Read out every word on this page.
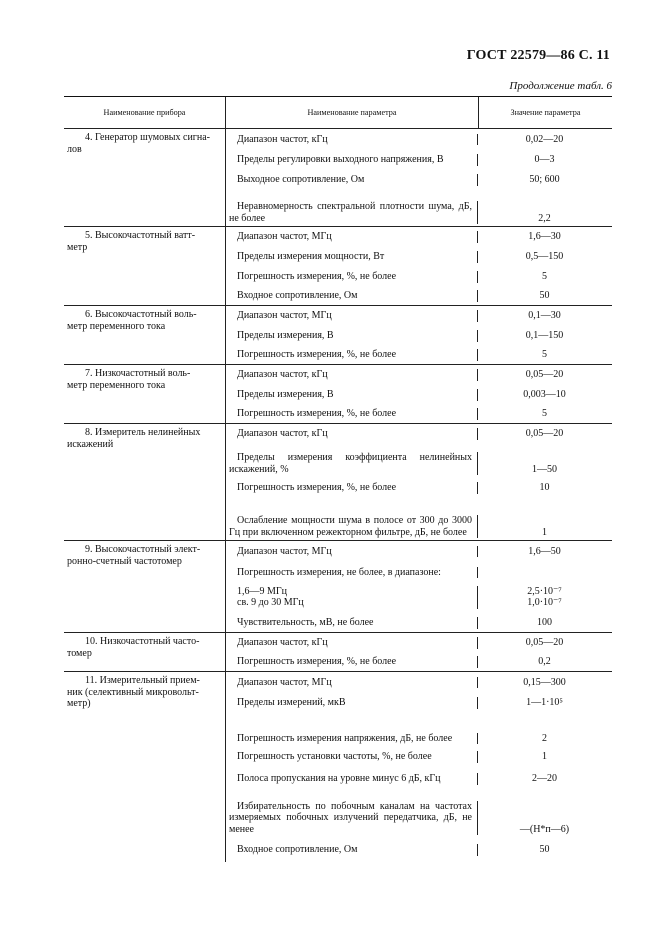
ГОСТ 22579—86 С. 11
Продолжение табл. 6
Наименование прибора	Наименование параметра	Значение параметра
4. Генератор шумовых сигна-
лов
Диапазон частот, кГц	0,02—20
Пределы регулировки выходного напряжения, В	0—3
Выходное сопротивление, Ом	50; 600
Неравномерность спектральной плотности шума, дБ, не более	2,2
5. Высокочастотный ватт-
метр
Диапазон частот, МГц	1,6—30
Пределы измерения мощности, Вт	0,5—150
Погрешность измерения, %, не более	5
Входное сопротивление, Ом	50
6. Высокочастотный воль-
метр переменного тока
Диапазон частот, МГц	0,1—30
Пределы измерения, В	0,1—150
Погрешность измерения, %, не более	5
7. Низкочастотный воль-
метр переменного тока
Диапазон частот, кГц	0,05—20
Пределы измерения, В	0,003—10
Погрешность измерения, %, не более	5
8. Измеритель нелинейных
искажений
Диапазон частот, кГц	0,05—20
Пределы измерения коэффициента нелинейных искажений, %	1—50
Погрешность измерения, %, не более	10
Ослабление мощности шума в полосе от 300 до 3000 Гц при включенном режекторном фильтре, дБ, не более	1
9. Высокочастотный элект-
ронно-счетный частотомер
Диапазон частот, МГц	1,6—50
Погрешность измерения, не более, в диапазоне:
1,6—9 МГц	2,5·10⁻⁷
св. 9 до 30 МГц	1,0·10⁻⁷
Чувствительность, мВ, не более	100
10. Низкочастотный часто-
томер
Диапазон частот, кГц	0,05—20
Погрешность измерения, %, не более	0,2
11. Измерительный прием-
ник (селективный микровольт-
метр)
Диапазон частот, МГц	0,15—300
Пределы измерений, мкВ	1—1·10⁵
Погрешность измерения напряжения, дБ, не более	2
Погрешность установки частоты, %, не более	1
Полоса пропускания на уровне минус 6 дБ, кГц	2—20
Избирательность по побочным каналам на частотах измеряемых побочных излучений передатчика, дБ, не менее	—(Н*п—6)
Входное сопротивление, Ом	50
